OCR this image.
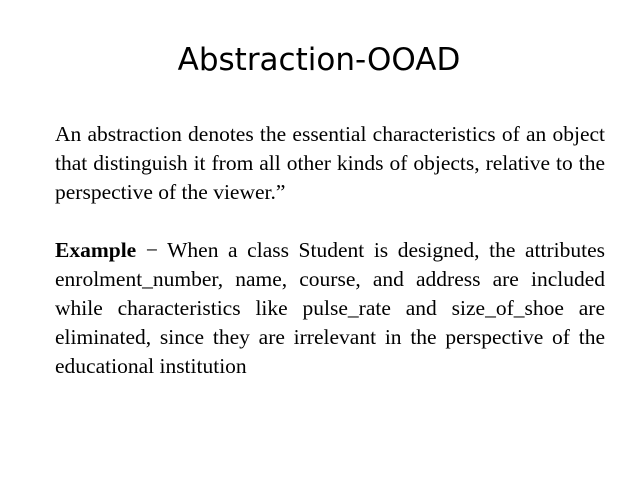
Abstraction-OOAD

An abstraction denotes the essential characteristics of an object that distinguish it from all other kinds of objects, relative to the perspective of the viewer.”

Example − When a class Student is designed, the attributes enrolment_number, name, course, and address are included while characteristics like pulse_rate and size_of_shoe are eliminated, since they are irrelevant in the perspective of the educational institution
